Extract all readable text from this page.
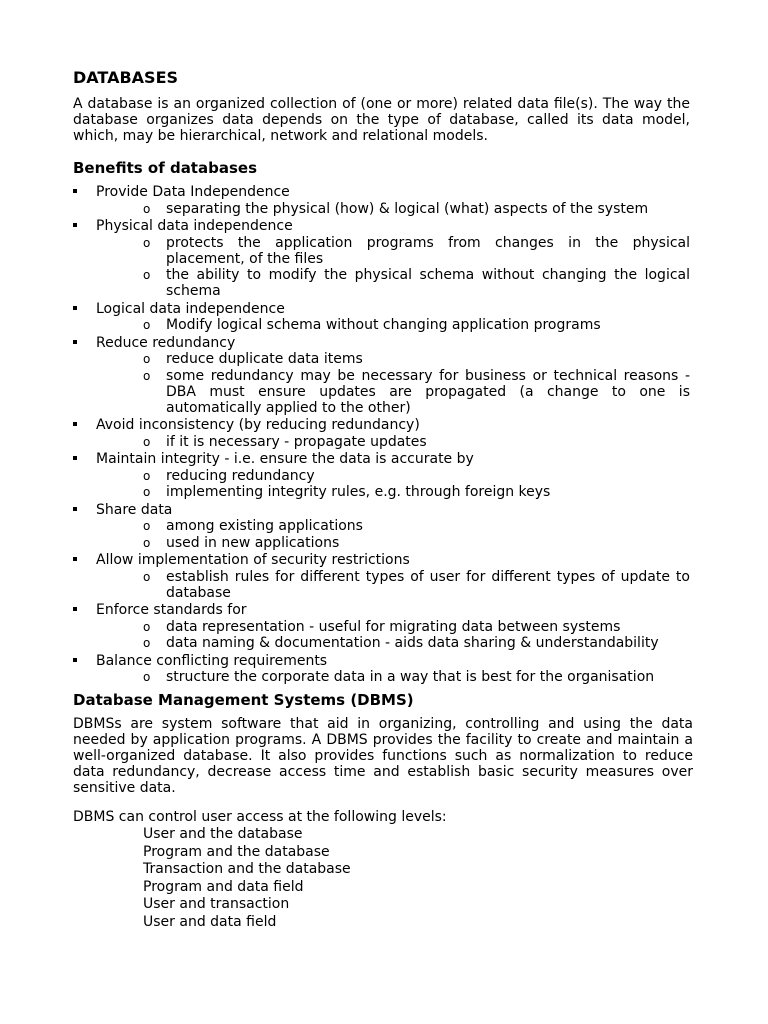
DATABASES

A database is an organized collection of (one or more) related data file(s). The way the database organizes data depends on the type of database, called its data model, which, may be hierarchical, network and relational models.

Benefits of databases
Provide Data Independence
o separating the physical (how) & logical (what) aspects of the system
Physical data independence
o protects the application programs from changes in the physical placement, of the files
o the ability to modify the physical schema without changing the logical schema
Logical data independence
o Modify logical schema without changing application programs
Reduce redundancy
o reduce duplicate data items
o some redundancy may be necessary for business or technical reasons - DBA must ensure updates are propagated (a change to one is automatically applied to the other)
Avoid inconsistency (by reducing redundancy)
o if it is necessary - propagate updates
Maintain integrity - i.e. ensure the data is accurate by
o reducing redundancy
o implementing integrity rules, e.g. through foreign keys
Share data
o among existing applications
o used in new applications
Allow implementation of security restrictions
o establish rules for different types of user for different types of update to database
Enforce standards for
o data representation - useful for migrating data between systems
o data naming & documentation - aids data sharing & understandability
Balance conflicting requirements
o structure the corporate data in a way that is best for the organisation
Database Management Systems (DBMS)

DBMSs are system software that aid in organizing, controlling and using the data needed by application programs. A DBMS provides the facility to create and maintain a well-organized database. It also provides functions such as normalization to reduce data redundancy, decrease access time and establish basic security measures over sensitive data.

DBMS can control user access at the following levels:

User and the database
Program and the database
Transaction and the database
Program and data field
User and transaction
User and data field
